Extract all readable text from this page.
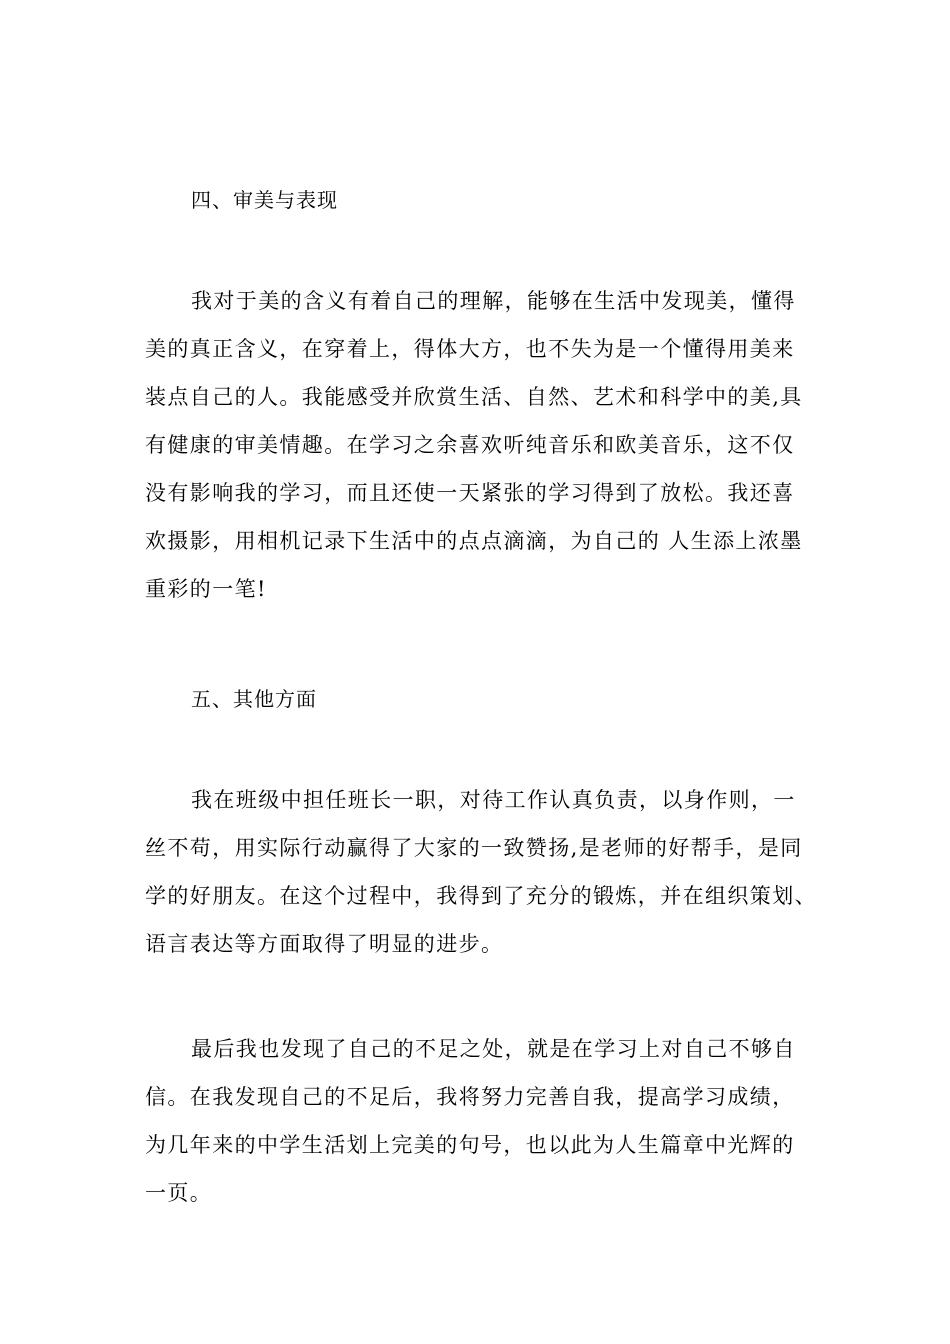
四、审美与表现
我对于美的含义有着自己的理解，能够在生活中发现美，懂得
美的真正含义，在穿着上，得体大方，也不失为是一个懂得用美来
装点自己的人。我能感受并欣赏生活、自然、艺术和科学中的美,具
有健康的审美情趣。在学习之余喜欢听纯音乐和欧美音乐，这不仅
没有影响我的学习，而且还使一天紧张的学习得到了放松。我还喜
欢摄影，用相机记录下生活中的点点滴滴，为自己的 人生添上浓墨
重彩的一笔!
五、其他方面
我在班级中担任班长一职，对待工作认真负责，以身作则，一
丝不苟，用实际行动赢得了大家的一致赞扬,是老师的好帮手，是同
学的好朋友。在这个过程中，我得到了充分的锻炼，并在组织策划、
语言表达等方面取得了明显的进步。
最后我也发现了自己的不足之处，就是在学习上对自己不够自
信。在我发现自己的不足后，我将努力完善自我，提高学习成绩，
为几年来的中学生活划上完美的句号，也以此为人生篇章中光辉的
一页。
